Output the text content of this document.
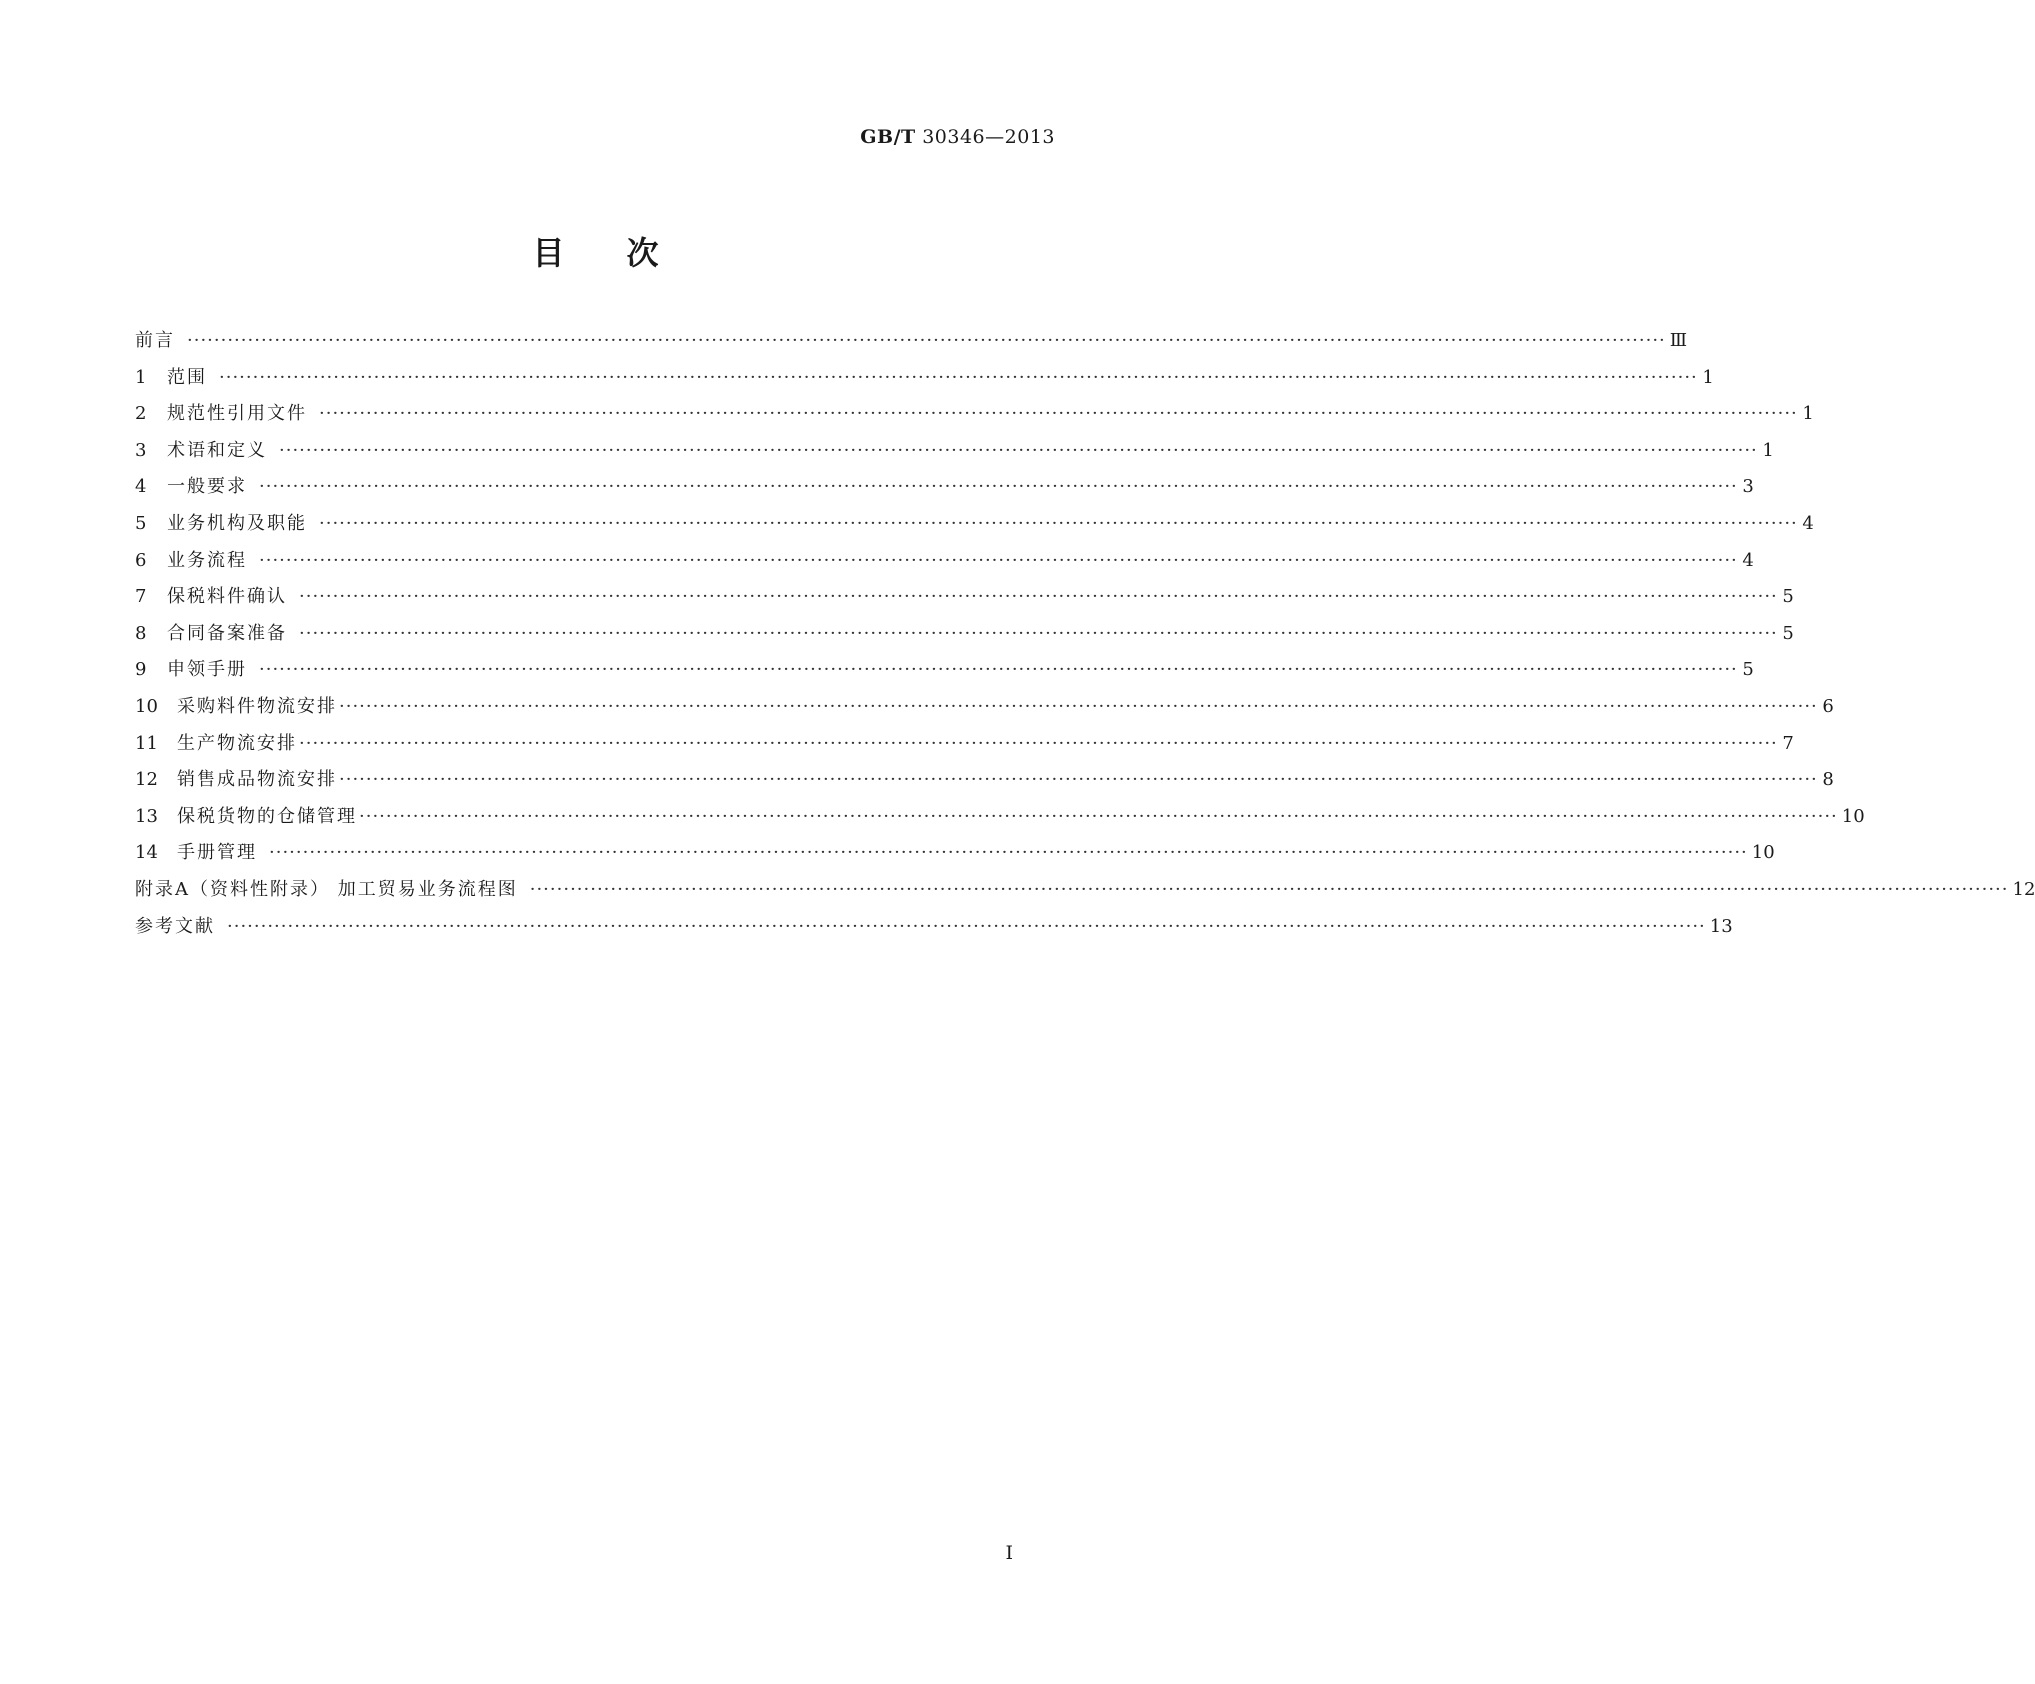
GB/T 30346—2013
目次
前言 ···························································································································································································································· Ⅲ
1	范围 ···························································································································································································································· 1
2	规范性引用文件 ···························································································································································································································· 1
3	术语和定义 ···························································································································································································································· 1
4	一般要求 ···························································································································································································································· 3
5	业务机构及职能 ···························································································································································································································· 4
6	业务流程 ···························································································································································································································· 4
7	保税料件确认 ···························································································································································································································· 5
8	合同备案准备 ···························································································································································································································· 5
9	申领手册 ···························································································································································································································· 5
10	采购料件物流安排 ···························································································································································································································· 6
11	生产物流安排 ···························································································································································································································· 7
12	销售成品物流安排 ···························································································································································································································· 8
13	保税货物的仓储管理 ···························································································································································································································· 10
14	手册管理 ···························································································································································································································· 10
附录A（资料性附录） 加工贸易业务流程图 ···························································································································································································································· 12
参考文献 ···························································································································································································································· 13
I
